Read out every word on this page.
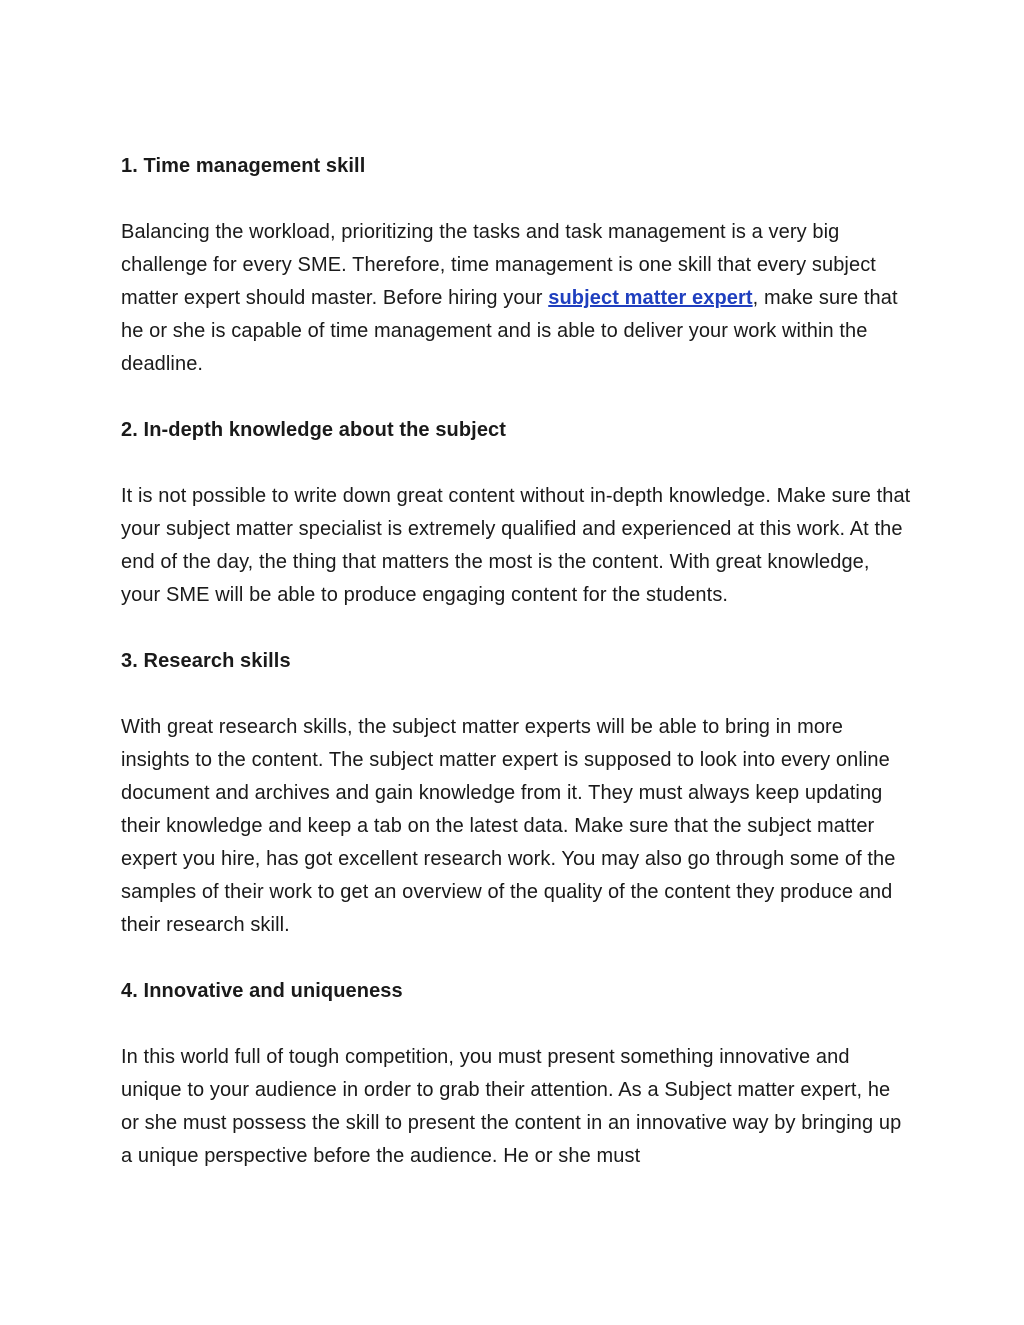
1. Time management skill
Balancing the workload, prioritizing the tasks and task management is a very big challenge for every SME. Therefore, time management is one skill that every subject matter expert should master. Before hiring your subject matter expert, make sure that he or she is capable of time management and is able to deliver your work within the deadline.
2. In-depth knowledge about the subject
It is not possible to write down great content without in-depth knowledge. Make sure that your subject matter specialist is extremely qualified and experienced at this work. At the end of the day, the thing that matters the most is the content. With great knowledge, your SME will be able to produce engaging content for the students.
3. Research skills
With great research skills, the subject matter experts will be able to bring in more insights to the content. The subject matter expert is supposed to look into every online document and archives and gain knowledge from it. They must always keep updating their knowledge and keep a tab on the latest data. Make sure that the subject matter expert you hire, has got excellent research work. You may also go through some of the samples of their work to get an overview of the quality of the content they produce and their research skill.
4. Innovative and uniqueness
In this world full of tough competition, you must present something innovative and unique to your audience in order to grab their attention. As a Subject matter expert, he or she must possess the skill to present the content in an innovative way by bringing up a unique perspective before the audience. He or she must
